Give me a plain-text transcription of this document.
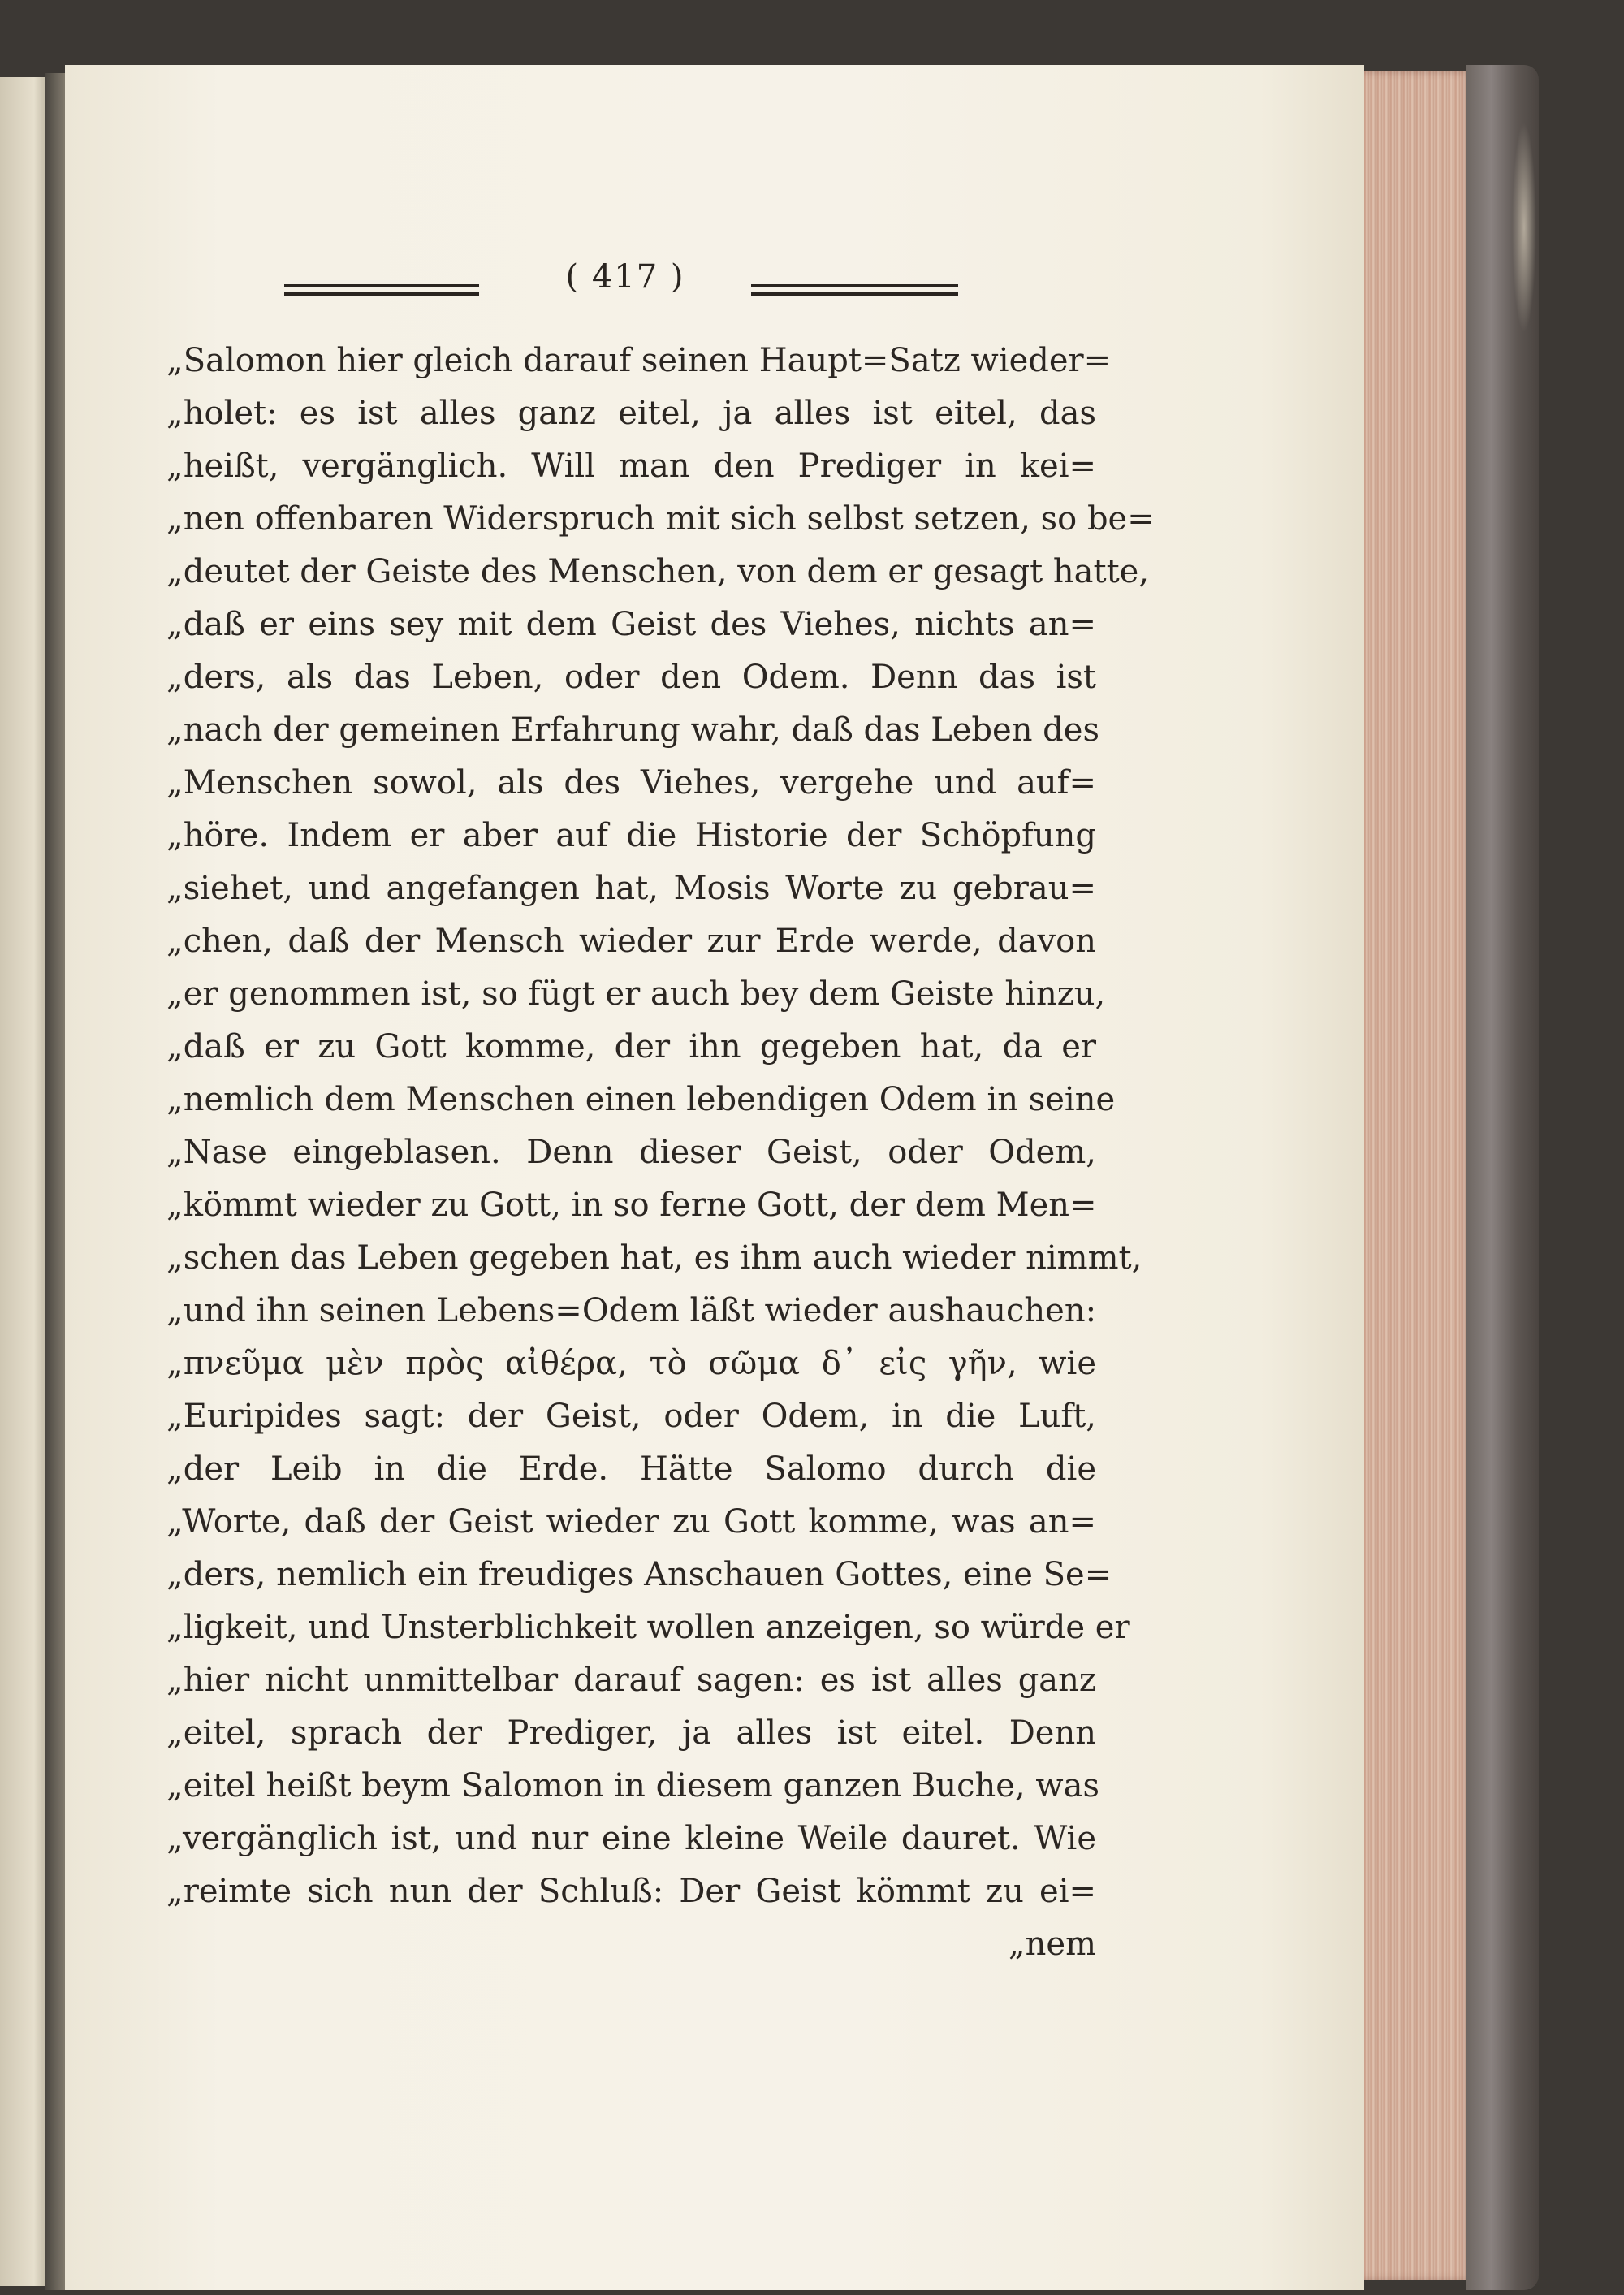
( 417 )
„Salomon hier gleich darauf seinen Haupt=Satz wieder=
„holet: es ist alles ganz eitel, ja alles ist eitel, das
„heißt, vergänglich. Will man den Prediger in kei=
„nen offenbaren Widerspruch mit sich selbst setzen, so be=
„deutet der Geiste des Menschen, von dem er gesagt hatte,
„daß er eins sey mit dem Geist des Viehes, nichts an=
„ders, als das Leben, oder den Odem. Denn das ist
„nach der gemeinen Erfahrung wahr, daß das Leben des
„Menschen sowol, als des Viehes, vergehe und auf=
„höre. Indem er aber auf die Historie der Schöpfung
„siehet, und angefangen hat, Mosis Worte zu gebrau=
„chen, daß der Mensch wieder zur Erde werde, davon
„er genommen ist, so fügt er auch bey dem Geiste hinzu,
„daß er zu Gott komme, der ihn gegeben hat, da er
„nemlich dem Menschen einen lebendigen Odem in seine
„Nase eingeblasen. Denn dieser Geist, oder Odem,
„kömmt wieder zu Gott, in so ferne Gott, der dem Men=
„schen das Leben gegeben hat, es ihm auch wieder nimmt,
„und ihn seinen Lebens=Odem läßt wieder aushauchen:
„πνεῦμα μὲν πρὸς αἰθέρα, τὸ σῶμα δ᾽ εἰς γῆν, wie
„Euripides sagt: der Geist, oder Odem, in die Luft,
„der Leib in die Erde. Hätte Salomo durch die
„Worte, daß der Geist wieder zu Gott komme, was an=
„ders, nemlich ein freudiges Anschauen Gottes, eine Se=
„ligkeit, und Unsterblichkeit wollen anzeigen, so würde er
„hier nicht unmittelbar darauf sagen: es ist alles ganz
„eitel, sprach der Prediger, ja alles ist eitel. Denn
„eitel heißt beym Salomon in diesem ganzen Buche, was
„vergänglich ist, und nur eine kleine Weile dauret. Wie
„reimte sich nun der Schluß: Der Geist kömmt zu ei=
„nem
